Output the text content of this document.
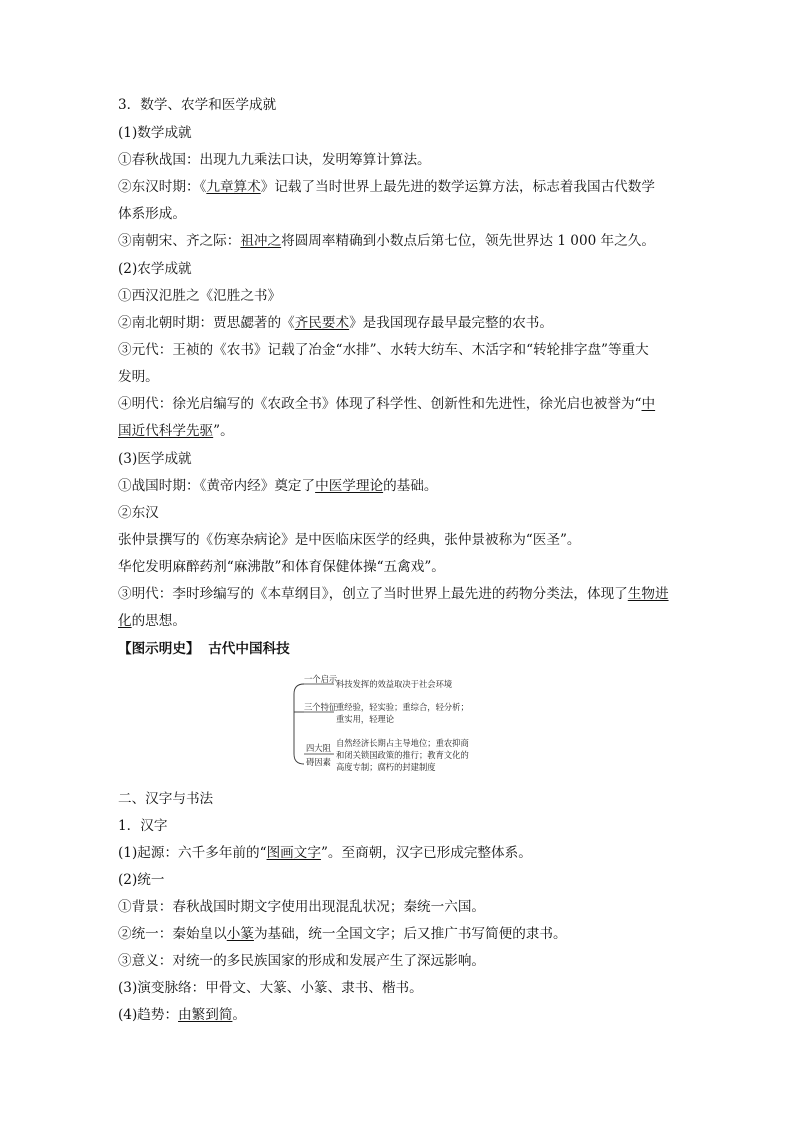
3．数学、农学和医学成就
(1)数学成就
①春秋战国：出现九九乘法口诀，发明筹算计算法。
②东汉时期：《九章算术》记载了当时世界上最先进的数学运算方法，标志着我国古代数学
体系形成。
③南朝宋、齐之际：祖冲之将圆周率精确到小数点后第七位，领先世界达 1 000 年之久。
(2)农学成就
①西汉氾胜之《氾胜之书》
②南北朝时期：贾思勰著的《齐民要术》是我国现存最早最完整的农书。
③元代：王祯的《农书》记载了冶金“水排”、水转大纺车、木活字和“转轮排字盘”等重大
发明。
④明代：徐光启编写的《农政全书》体现了科学性、创新性和先进性，徐光启也被誉为“中
国近代科学先驱”。
(3)医学成就
①战国时期：《黄帝内经》奠定了中医学理论的基础。
②东汉
张仲景撰写的《伤寒杂病论》是中医临床医学的经典，张仲景被称为“医圣”。
华佗发明麻醉药剂“麻沸散”和体育保健体操“五禽戏”。
③明代：李时珍编写的《本草纲目》，创立了当时世界上最先进的药物分类法，体现了生物进
化的思想。
【图示明史】 古代中国科技
一个启示
科技发挥的效益取决于社会环境
三个特征
重经验，轻实验；重综合，轻分析；
重实用，轻理论
四大阻
碍因素
自然经济长期占主导地位；重农抑商
和闭关锁国政策的推行；教育文化的
高度专制；腐朽的封建制度
二、汉字与书法
1．汉字
(1)起源：六千多年前的“图画文字”。至商朝，汉字已形成完整体系。
(2)统一
①背景：春秋战国时期文字使用出现混乱状况；秦统一六国。
②统一：秦始皇以小篆为基础，统一全国文字；后又推广书写简便的隶书。
③意义：对统一的多民族国家的形成和发展产生了深远影响。
(3)演变脉络：甲骨文、大篆、小篆、隶书、楷书。
(4)趋势：由繁到简。
